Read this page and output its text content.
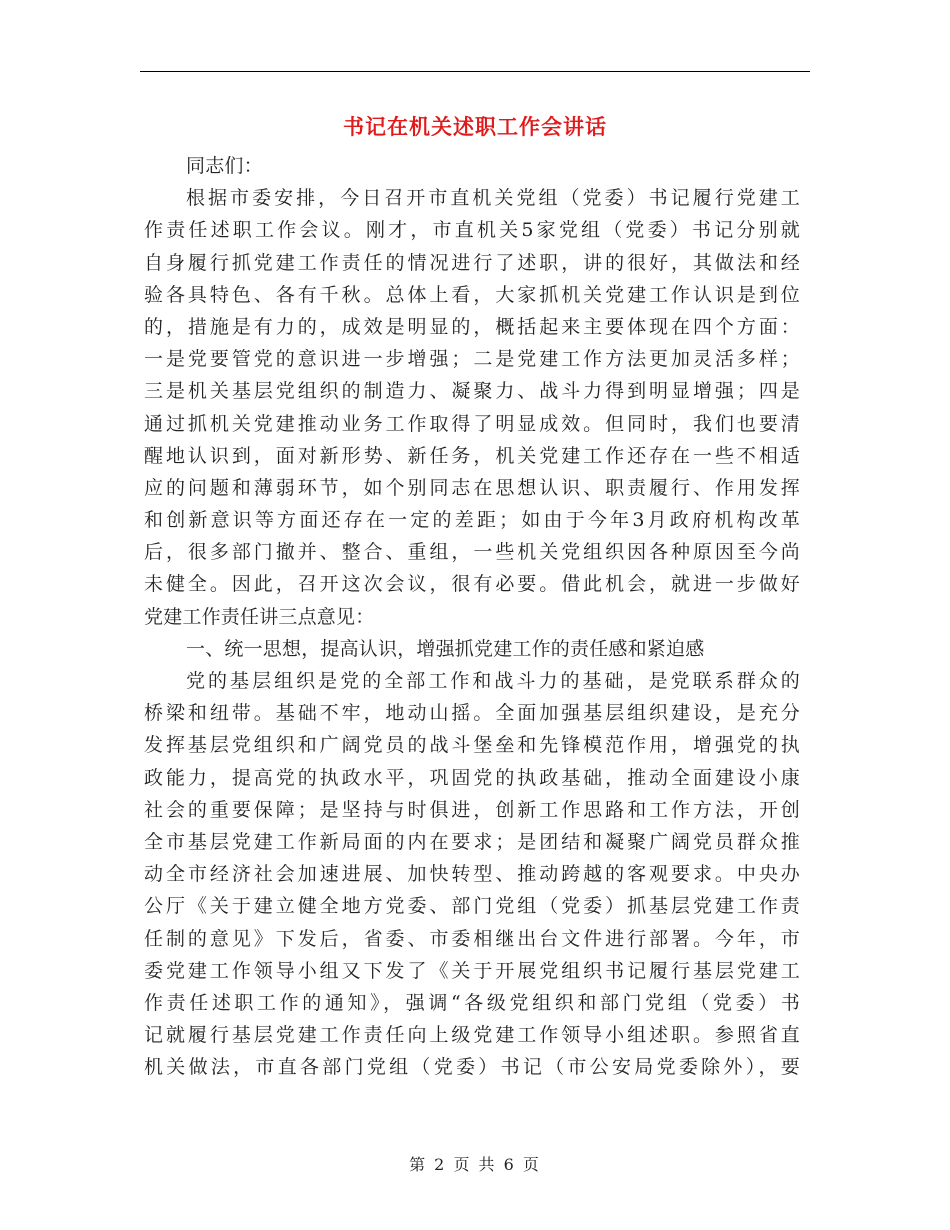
书记在机关述职工作会讲话
同志们：
根据市委安排，今日召开市直机关党组（党委）书记履行党建工
作责任述职工作会议。刚才，市直机关5家党组（党委）书记分别就
自身履行抓党建工作责任的情况进行了述职，讲的很好，其做法和经
验各具特色、各有千秋。总体上看，大家抓机关党建工作认识是到位
的，措施是有力的，成效是明显的，概括起来主要体现在四个方面：
一是党要管党的意识进一步增强；二是党建工作方法更加灵活多样；
三是机关基层党组织的制造力、凝聚力、战斗力得到明显增强；四是
通过抓机关党建推动业务工作取得了明显成效。但同时，我们也要清
醒地认识到，面对新形势、新任务，机关党建工作还存在一些不相适
应的问题和薄弱环节，如个别同志在思想认识、职责履行、作用发挥
和创新意识等方面还存在一定的差距；如由于今年3月政府机构改革
后，很多部门撤并、整合、重组，一些机关党组织因各种原因至今尚
未健全。因此，召开这次会议，很有必要。借此机会，就进一步做好
党建工作责任讲三点意见：
一、统一思想，提高认识，增强抓党建工作的责任感和紧迫感
党的基层组织是党的全部工作和战斗力的基础，是党联系群众的
桥梁和纽带。基础不牢，地动山摇。全面加强基层组织建设，是充分
发挥基层党组织和广阔党员的战斗堡垒和先锋模范作用，增强党的执
政能力，提高党的执政水平，巩固党的执政基础，推动全面建设小康
社会的重要保障；是坚持与时俱进，创新工作思路和工作方法，开创
全市基层党建工作新局面的内在要求；是团结和凝聚广阔党员群众推
动全市经济社会加速进展、加快转型、推动跨越的客观要求。中央办
公厅《关于建立健全地方党委、部门党组（党委）抓基层党建工作责
任制的意见》下发后，省委、市委相继出台文件进行部署。今年，市
委党建工作领导小组又下发了《关于开展党组织书记履行基层党建工
作责任述职工作的通知》，强调“各级党组织和部门党组（党委）书
记就履行基层党建工作责任向上级党建工作领导小组述职。参照省直
机关做法，市直各部门党组（党委）书记（市公安局党委除外），要
第 2 页 共 6 页
